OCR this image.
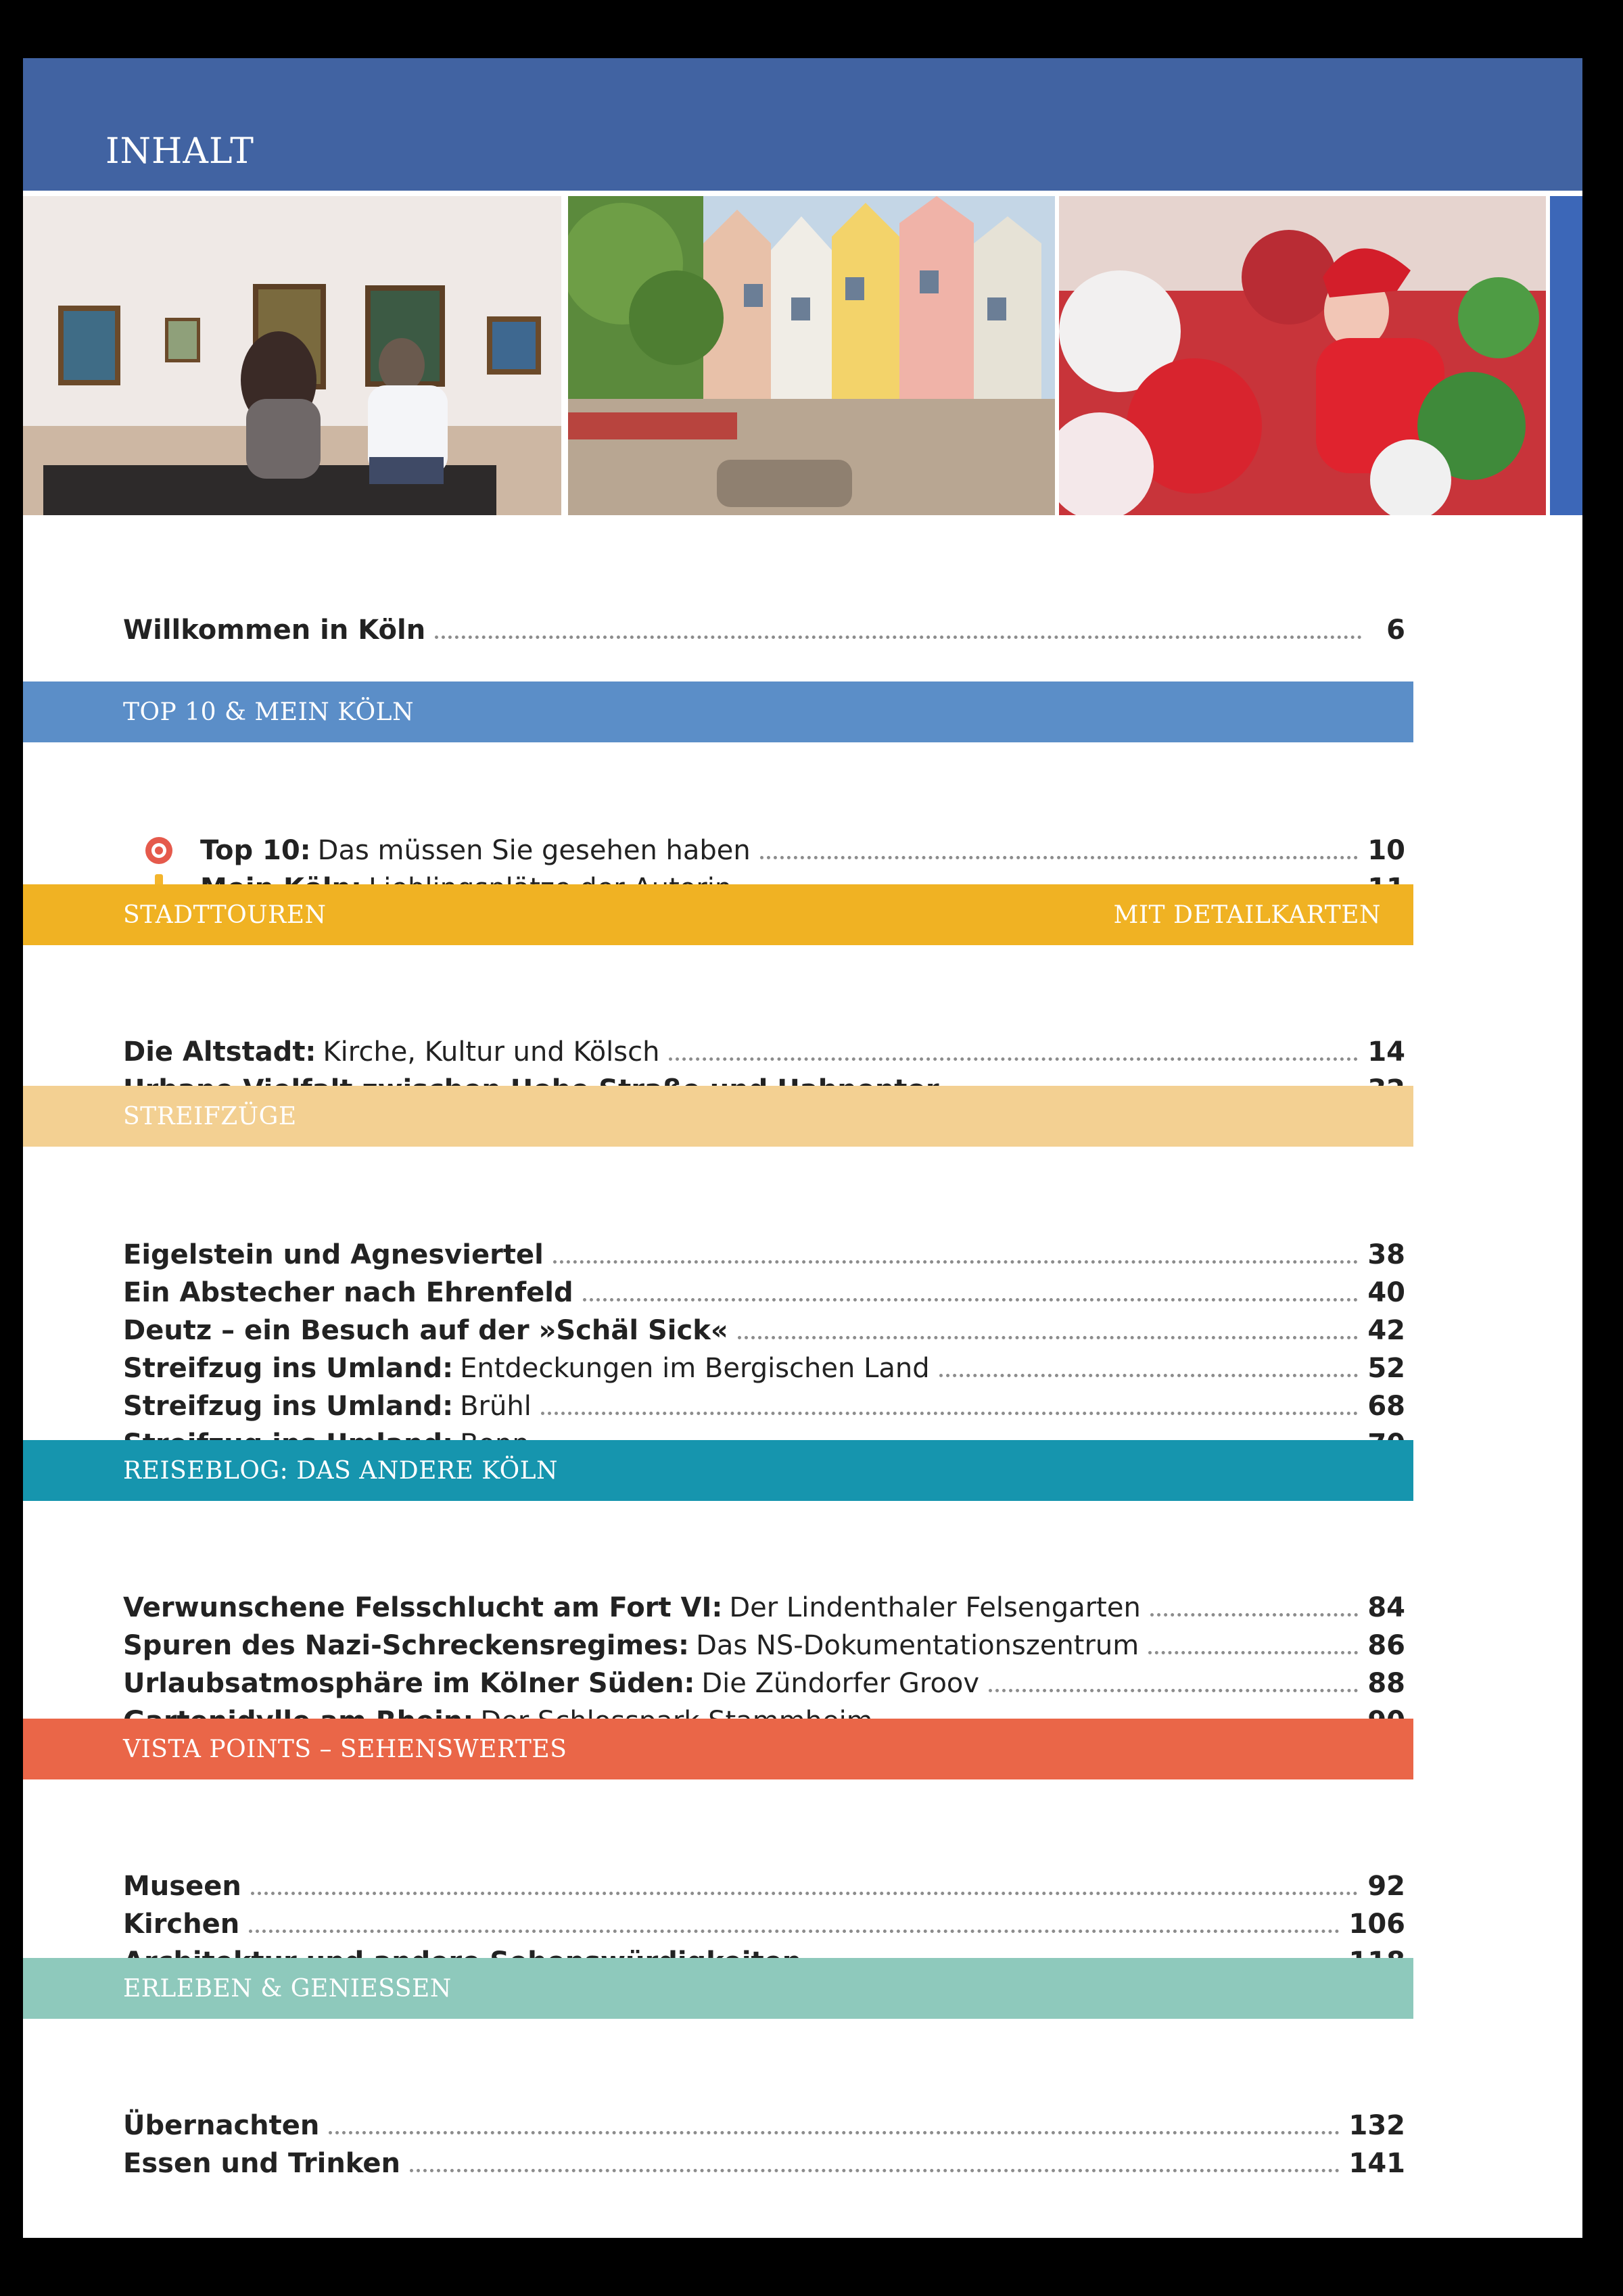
INHALT
Willkommen in Köln	6
TOP 10 & MEIN KÖLN
Top 10: Das müssen Sie gesehen haben	10
STADTTOUREN	MIT DETAILKARTEN
Die Altstadt: Kirche, Kultur und Kölsch	14
STREIFZÜGE
Eigelstein und Agnesviertel	38
Ein Abstecher nach Ehrenfeld	40
Deutz – ein Besuch auf der »Schäl Sick«	42
Streifzug ins Umland: Entdeckungen im Bergischen Land	52
Streifzug ins Umland: Brühl	68
REISEBLOG: DAS ANDERE KÖLN
Verwunschene Felsschlucht am Fort VI: Der Lindenthaler Felsengarten	84
Spuren des Nazi-Schreckensregimes: Das NS-Dokumentationszentrum	86
Urlaubsatmosphäre im Kölner Süden: Die Zündorfer Groov	88
VISTA POINTS – SEHENSWERTES
Museen	92
Kirchen	106
ERLEBEN & GENIESSEN
Übernachten	132
Essen und Trinken	141
